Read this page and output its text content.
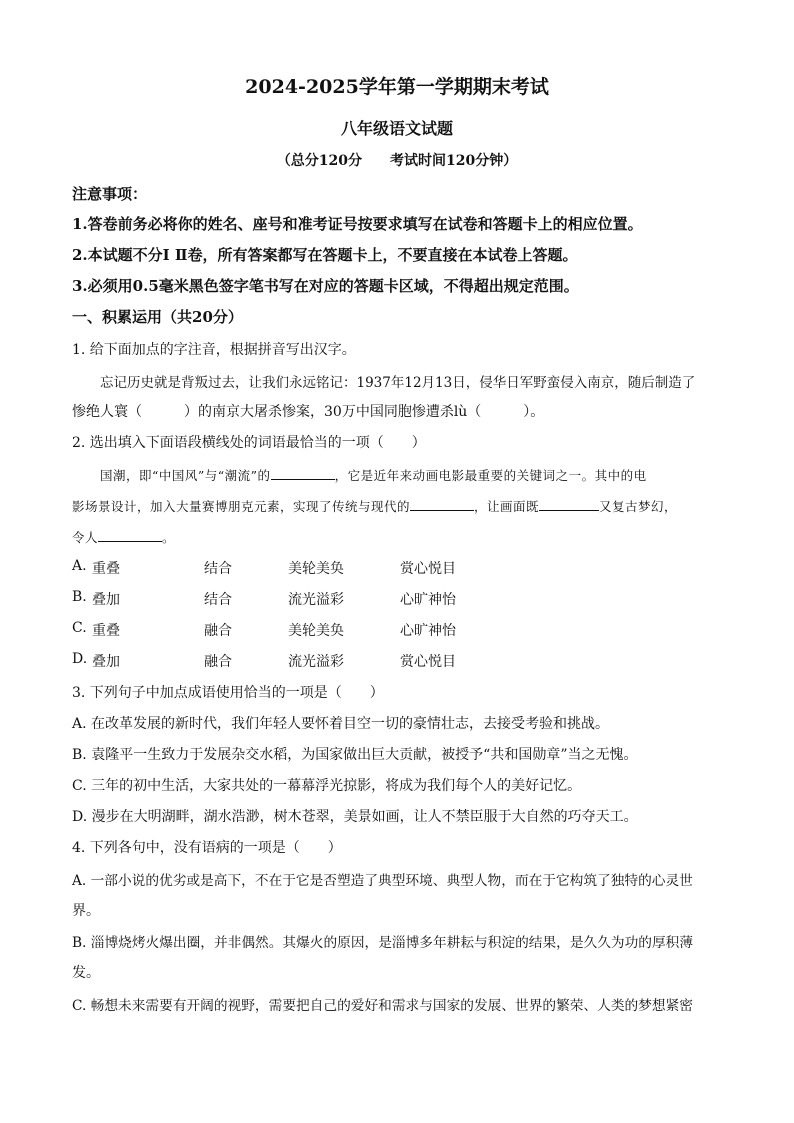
2024-2025学年第一学期期末考试
八年级语文试题
（总分120分　　考试时间120分钟）
注意事项：
1.答卷前务必将你的姓名、座号和准考证号按要求填写在试卷和答题卡上的相应位置。
2.本试题不分Ⅰ Ⅱ卷，所有答案都写在答题卡上，不要直接在本试卷上答题。
3.必须用0.5毫米黑色签字笔书写在对应的答题卡区域，不得超出规定范围。
一、积累运用（共20分）
1. 给下面加点的字注音，根据拼音写出汉字。
忘记历史就是背叛过去，让我们永远铭记：1937年12月13日，侵华日军野蛮侵入南京，随后制造了
惨绝人寰（　　　）的南京大屠杀惨案，30万中国同胞惨遭杀lù（　　　）。
2. 选出填入下面语段横线处的词语最恰当的一项（　　）
国潮，即“中国风”与“潮流”的	，它是近年来动画电影最重要的关键词之一。其中的电
影场景设计，加入大量赛博朋克元素，实现了传统与现代的	，让画面既	又复古梦幻，
令人	。
A. 重叠	结合	美轮美奂	赏心悦目
B. 叠加	结合	流光溢彩	心旷神怡
C. 重叠	融合	美轮美奂	心旷神怡
D. 叠加	融合	流光溢彩	赏心悦目
3. 下列句子中加点成语使用恰当的一项是（　　）
A. 在改革发展的新时代，我们年轻人要怀着目空一切的豪情壮志，去接受考验和挑战。
B. 袁隆平一生致力于发展杂交水稻，为国家做出巨大贡献，被授予“共和国勋章”当之无愧。
C. 三年的初中生活，大家共处的一幕幕浮光掠影，将成为我们每个人的美好记忆。
D. 漫步在大明湖畔，湖水浩渺，树木苍翠，美景如画，让人不禁臣服于大自然的巧夺天工。
4. 下列各句中，没有语病的一项是（　　）
A. 一部小说的优劣或是高下，不在于它是否塑造了典型环境、典型人物，而在于它构筑了独特的心灵世
界。
B. 淄博烧烤火爆出圈，并非偶然。其爆火的原因，是淄博多年耕耘与积淀的结果，是久久为功的厚积薄
发。
C. 畅想未来需要有开阔的视野，需要把自己的爱好和需求与国家的发展、世界的繁荣、人类的梦想紧密
